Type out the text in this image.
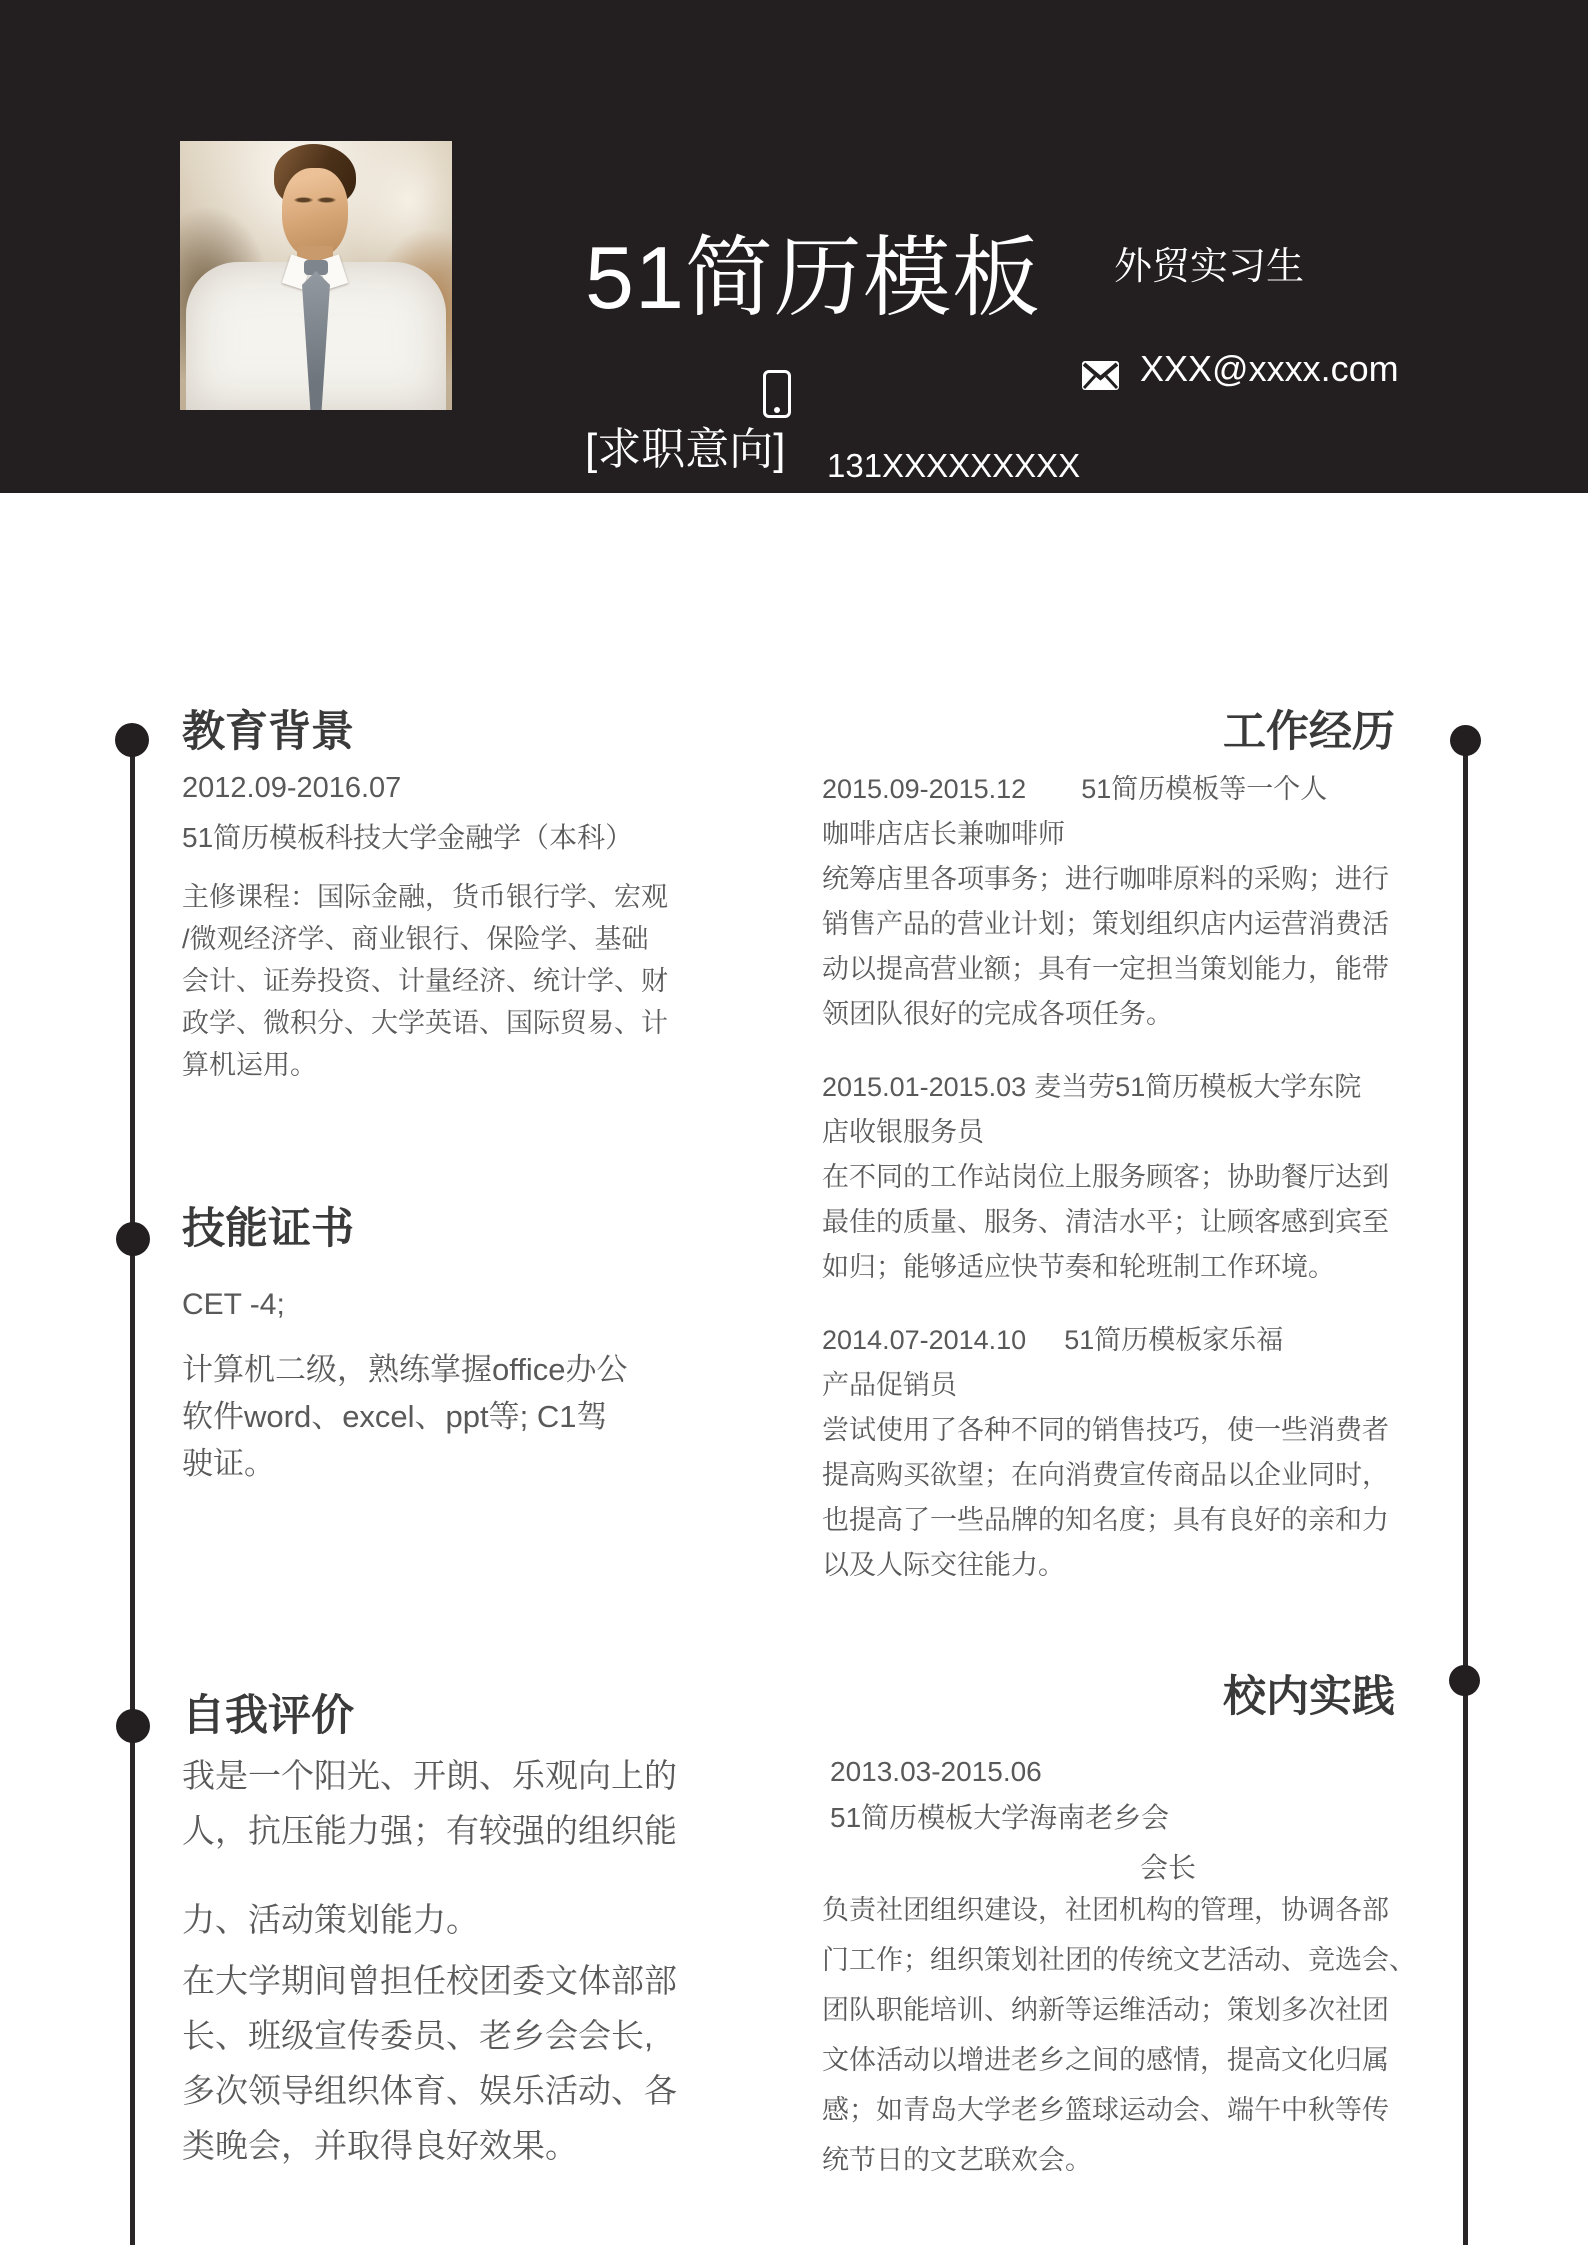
51简历模板
[求职意向]
外贸实习生
XXX@xxxx.com
131XXXXXXXXX
教育背景
2012.09-2016.07
51简历模板科技大学金融学（本科）
主修课程：国际金融，货币银行学、宏观
/微观经济学、商业银行、保险学、基础
会计、证券投资、计量经济、统计学、财
政学、微积分、大学英语、国际贸易、计
算机运用。
技能证书
CET -4;
计算机二级，熟练掌握office办公
软件word、excel、ppt等; C1驾
驶证。
自我评价
我是一个阳光、开朗、乐观向上的
人，抗压能力强；有较强的组织能
力、活动策划能力。
在大学期间曾担任校团委文体部部
长、班级宣传委员、老乡会会长,
多次领导组织体育、娱乐活动、各
类晚会，并取得良好效果。
工作经历
2015.09-2015.12 51简历模板等一个人
咖啡店店长兼咖啡师
统筹店里各项事务；进行咖啡原料的采购；进行
销售产品的营业计划；策划组织店内运营消费活
动以提高营业额；具有一定担当策划能力，能带
领团队很好的完成各项任务。
2015.01-2015.03 麦当劳51简历模板大学东院
店收银服务员
在不同的工作站岗位上服务顾客；协助餐厅达到
最佳的质量、服务、清洁水平；让顾客感到宾至
如归；能够适应快节奏和轮班制工作环境。
2014.07-2014.10 51简历模板家乐福
产品促销员
尝试使用了各种不同的销售技巧，使一些消费者
提高购买欲望；在向消费宣传商品以企业同时，
也提高了一些品牌的知名度；具有良好的亲和力
以及人际交往能力。
校内实践
2013.03-2015.06
51简历模板大学海南老乡会
会长
负责社团组织建设，社团机构的管理，协调各部
门工作；组织策划社团的传统文艺活动、竞选会、
团队职能培训、纳新等运维活动；策划多次社团
文体活动以增进老乡之间的感情，提高文化归属
感；如青岛大学老乡篮球运动会、端午中秋等传
统节日的文艺联欢会。
